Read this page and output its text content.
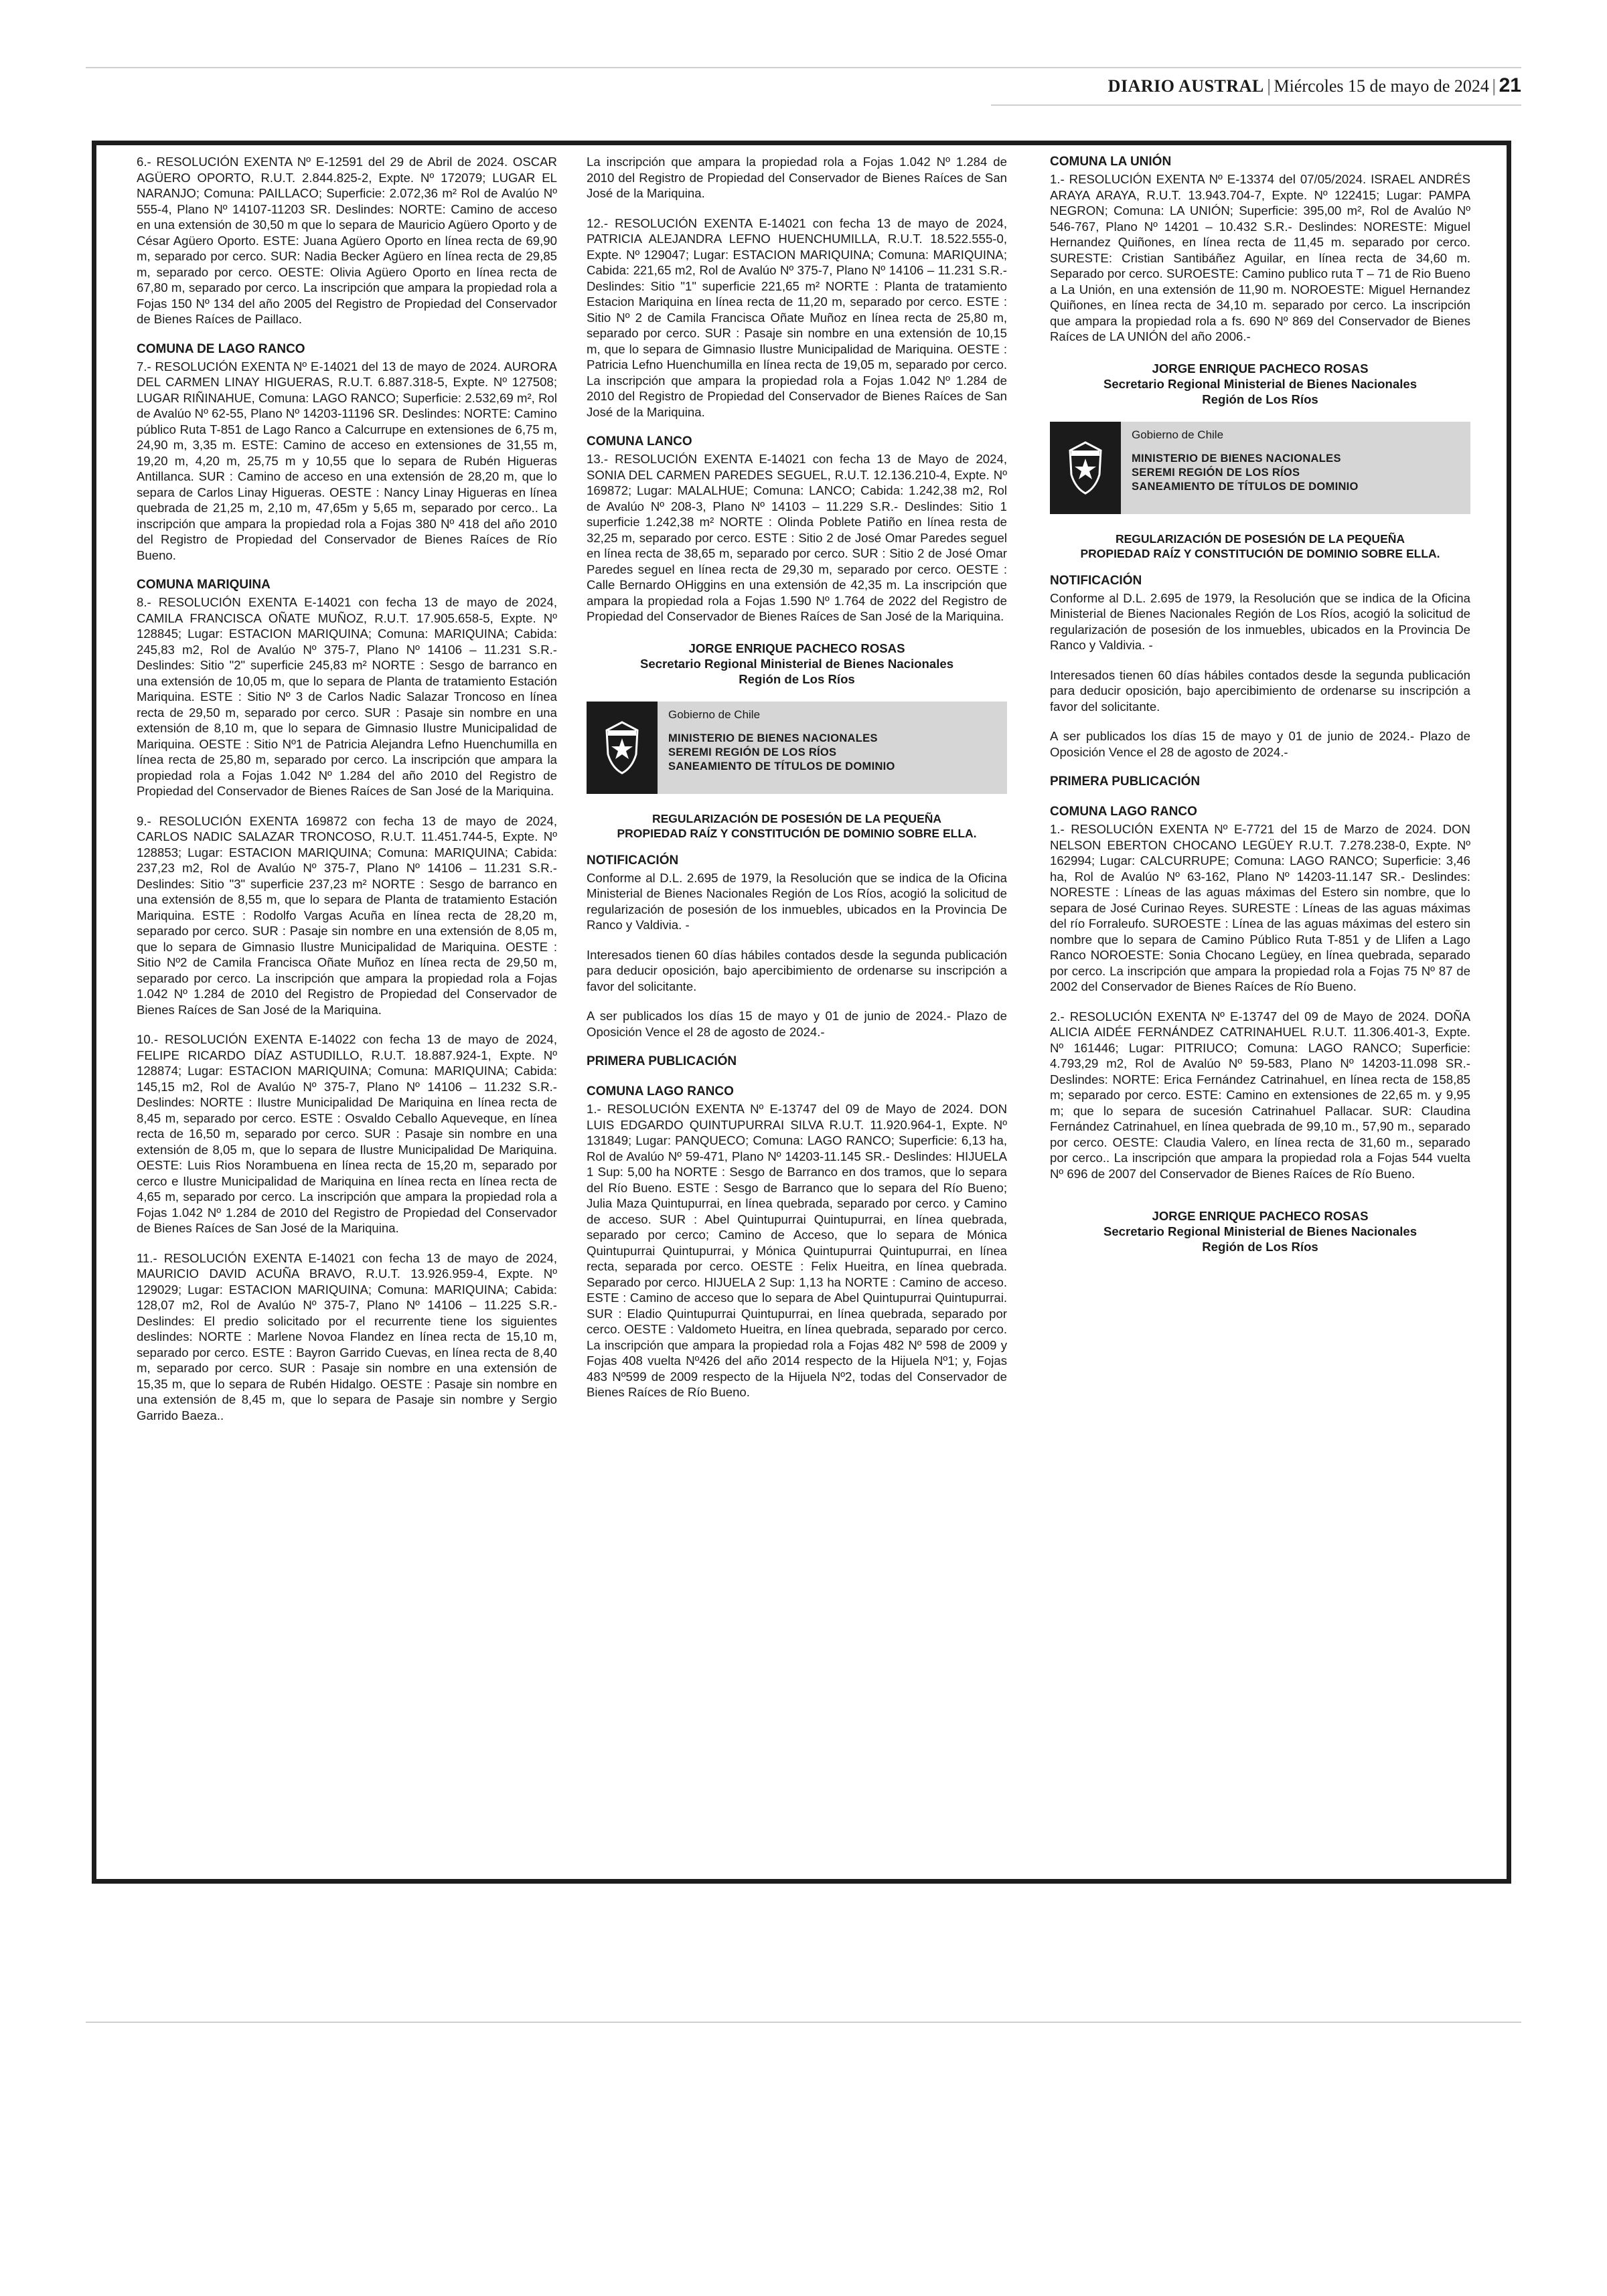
DIARIO AUSTRAL | Miércoles 15 de mayo de 2024 | 21

6.- RESOLUCIÓN EXENTA Nº E-12591 del 29 de Abril de 2024. OSCAR AGÜERO OPORTO, R.U.T. 2.844.825-2, Expte. Nº 172079; LUGAR EL NARANJO; Comuna: PAILLACO; Superficie: 2.072,36 m² Rol de Avalúo Nº 555-4, Plano Nº 14107-11203 SR. Deslindes: NORTE: Camino de acceso en una extensión de 30,50 m que lo separa de Mauricio Agüero Oporto y de César Agüero Oporto. ESTE: Juana Agüero Oporto en línea recta de 69,90 m, separado por cerco. SUR: Nadia Becker Agüero en línea recta de 29,85 m, separado por cerco. OESTE: Olivia Agüero Oporto en línea recta de 67,80 m, separado por cerco. La inscripción que ampara la propiedad rola a Fojas 150 Nº 134 del año 2005 del Registro de Propiedad del Conservador de Bienes Raíces de Paillaco.

COMUNA DE LAGO RANCO

7.- RESOLUCIÓN EXENTA Nº E-14021 del 13 de mayo de 2024. AURORA DEL CARMEN LINAY HIGUERAS, R.U.T. 6.887.318-5, Expte. Nº 127508; LUGAR RIÑINAHUE, Comuna: LAGO RANCO; Superficie: 2.532,69 m², Rol de Avalúo Nº 62-55, Plano Nº 14203-11196 SR. Deslindes: NORTE: Camino público Ruta T-851 de Lago Ranco a Calcurrupe en extensiones de 6,75 m, 24,90 m, 3,35 m. ESTE: Camino de acceso en extensiones de 31,55 m, 19,20 m, 4,20 m, 25,75 m y 10,55 que lo separa de Rubén Higueras Antillanca. SUR : Camino de acceso en una extensión de 28,20 m, que lo separa de Carlos Linay Higueras. OESTE : Nancy Linay Higueras en línea quebrada de 21,25 m, 2,10 m, 47,65m y 5,65 m, separado por cerco.. La inscripción que ampara la propiedad rola a Fojas 380 Nº 418 del año 2010 del Registro de Propiedad del Conservador de Bienes Raíces de Río Bueno.

COMUNA MARIQUINA

8.- RESOLUCIÓN EXENTA E-14021 con fecha 13 de mayo de 2024, CAMILA FRANCISCA OÑATE MUÑOZ, R.U.T. 17.905.658-5, Expte. Nº 128845; Lugar: ESTACION MARIQUINA; Comuna: MARIQUINA; Cabida: 245,83 m2, Rol de Avalúo Nº 375-7, Plano Nº 14106 – 11.231 S.R.- Deslindes: Sitio "2" superficie 245,83 m² NORTE : Sesgo de barranco en una extensión de 10,05 m, que lo separa de Planta de tratamiento Estación Mariquina. ESTE : Sitio Nº 3 de Carlos Nadic Salazar Troncoso en línea recta de 29,50 m, separado por cerco. SUR : Pasaje sin nombre en una extensión de 8,10 m, que lo separa de Gimnasio Ilustre Municipalidad de Mariquina. OESTE : Sitio Nº1 de Patricia Alejandra Lefno Huenchumilla en línea recta de 25,80 m, separado por cerco. La inscripción que ampara la propiedad rola a Fojas 1.042 Nº 1.284 del año 2010 del Registro de Propiedad del Conservador de Bienes Raíces de San José de la Mariquina.

9.- RESOLUCIÓN EXENTA 169872 con fecha 13 de mayo de 2024, CARLOS NADIC SALAZAR TRONCOSO, R.U.T. 11.451.744-5, Expte. Nº 128853; Lugar: ESTACION MARIQUINA; Comuna: MARIQUINA; Cabida: 237,23 m2, Rol de Avalúo Nº 375-7, Plano Nº 14106 – 11.231 S.R.- Deslindes: Sitio "3" superficie 237,23 m² NORTE : Sesgo de barranco en una extensión de 8,55 m, que lo separa de Planta de tratamiento Estación Mariquina. ESTE : Rodolfo Vargas Acuña en línea recta de 28,20 m, separado por cerco. SUR : Pasaje sin nombre en una extensión de 8,05 m, que lo separa de Gimnasio Ilustre Municipalidad de Mariquina. OESTE : Sitio Nº2 de Camila Francisca Oñate Muñoz en línea recta de 29,50 m, separado por cerco. La inscripción que ampara la propiedad rola a Fojas 1.042 Nº 1.284 de 2010 del Registro de Propiedad del Conservador de Bienes Raíces de San José de la Mariquina.

10.- RESOLUCIÓN EXENTA E-14022 con fecha 13 de mayo de 2024, FELIPE RICARDO DÍAZ ASTUDILLO, R.U.T. 18.887.924-1, Expte. Nº 128874; Lugar: ESTACION MARIQUINA; Comuna: MARIQUINA; Cabida: 145,15 m2, Rol de Avalúo Nº 375-7, Plano Nº 14106 – 11.232 S.R.- Deslindes: NORTE : Ilustre Municipalidad De Mariquina en línea recta de 8,45 m, separado por cerco. ESTE : Osvaldo Ceballo Aqueveque, en línea recta de 16,50 m, separado por cerco. SUR : Pasaje sin nombre en una extensión de 8,05 m, que lo separa de Ilustre Municipalidad De Mariquina. OESTE: Luis Rios Norambuena en línea recta de 15,20 m, separado por cerco e Ilustre Municipalidad de Mariquina en línea recta en línea recta de 4,65 m, separado por cerco. La inscripción que ampara la propiedad rola a Fojas 1.042 Nº 1.284 de 2010 del Registro de Propiedad del Conservador de Bienes Raíces de San José de la Mariquina.

11.- RESOLUCIÓN EXENTA E-14021 con fecha 13 de mayo de 2024, MAURICIO DAVID ACUÑA BRAVO, R.U.T. 13.926.959-4, Expte. Nº 129029; Lugar: ESTACION MARIQUINA; Comuna: MARIQUINA; Cabida: 128,07 m2, Rol de Avalúo Nº 375-7, Plano Nº 14106 – 11.225 S.R.- Deslindes: El predio solicitado por el recurrente tiene los siguientes deslindes: NORTE : Marlene Novoa Flandez en línea recta de 15,10 m, separado por cerco. ESTE : Bayron Garrido Cuevas, en línea recta de 8,40 m, separado por cerco. SUR : Pasaje sin nombre en una extensión de 15,35 m, que lo separa de Rubén Hidalgo. OESTE : Pasaje sin nombre en una extensión de 8,45 m, que lo separa de Pasaje sin nombre y Sergio Garrido Baeza..

La inscripción que ampara la propiedad rola a Fojas 1.042 Nº 1.284 de 2010 del Registro de Propiedad del Conservador de Bienes Raíces de San José de la Mariquina.

12.- RESOLUCIÓN EXENTA E-14021 con fecha 13 de mayo de 2024, PATRICIA ALEJANDRA LEFNO HUENCHUMILLA, R.U.T. 18.522.555-0, Expte. Nº 129047; Lugar: ESTACION MARIQUINA; Comuna: MARIQUINA; Cabida: 221,65 m2, Rol de Avalúo Nº 375-7, Plano Nº 14106 – 11.231 S.R.- Deslindes: Sitio "1" superficie 221,65 m² NORTE : Planta de tratamiento Estacion Mariquina en línea recta de 11,20 m, separado por cerco. ESTE : Sitio Nº 2 de Camila Francisca Oñate Muñoz en línea recta de 25,80 m, separado por cerco. SUR : Pasaje sin nombre en una extensión de 10,15 m, que lo separa de Gimnasio Ilustre Municipalidad de Mariquina. OESTE : Patricia Lefno Huenchumilla en línea recta de 19,05 m, separado por cerco. La inscripción que ampara la propiedad rola a Fojas 1.042 Nº 1.284 de 2010 del Registro de Propiedad del Conservador de Bienes Raíces de San José de la Mariquina.

COMUNA LANCO

13.- RESOLUCIÓN EXENTA E-14021 con fecha 13 de Mayo de 2024, SONIA DEL CARMEN PAREDES SEGUEL, R.U.T. 12.136.210-4, Expte. Nº 169872; Lugar: MALALHUE; Comuna: LANCO; Cabida: 1.242,38 m2, Rol de Avalúo Nº 208-3, Plano Nº 14103 – 11.229 S.R.- Deslindes: Sitio 1 superficie 1.242,38 m² NORTE : Olinda Poblete Patiño en línea resta de 32,25 m, separado por cerco. ESTE : Sitio 2 de José Omar Paredes seguel en línea recta de 38,65 m, separado por cerco. SUR : Sitio 2 de José Omar Paredes seguel en línea recta de 29,30 m, separado por cerco. OESTE : Calle Bernardo OHiggins en una extensión de 42,35 m. La inscripción que ampara la propiedad rola a Fojas 1.590 Nº 1.764 de 2022 del Registro de Propiedad del Conservador de Bienes Raíces de San José de la Mariquina.

JORGE ENRIQUE PACHECO ROSAS
Secretario Regional Ministerial de Bienes Nacionales
Región de Los Ríos
Gobierno de Chile
MINISTERIO DE BIENES NACIONALES
SEREMI REGIÓN DE LOS RÍOS
SANEAMIENTO DE TÍTULOS DE DOMINIO
REGULARIZACIÓN DE POSESIÓN DE LA PEQUEÑA
PROPIEDAD RAÍZ Y CONSTITUCIÓN DE DOMINIO SOBRE ELLA.
NOTIFICACIÓN

Conforme al D.L. 2.695 de 1979, la Resolución que se indica de la Oficina Ministerial de Bienes Nacionales Región de Los Ríos, acogió la solicitud de regularización de posesión de los inmuebles, ubicados en la Provincia De Ranco y Valdivia. -

Interesados tienen 60 días hábiles contados desde la segunda publicación para deducir oposición, bajo apercibimiento de ordenarse su inscripción a favor del solicitante.

A ser publicados los días 15 de mayo y 01 de junio de 2024.- Plazo de Oposición Vence el 28 de agosto de 2024.-

PRIMERA PUBLICACIÓN
COMUNA LAGO RANCO

1.- RESOLUCIÓN EXENTA Nº E-13747 del 09 de Mayo de 2024. DON LUIS EDGARDO QUINTUPURRAI SILVA R.U.T. 11.920.964-1, Expte. Nº 131849; Lugar: PANQUECO; Comuna: LAGO RANCO; Superficie: 6,13 ha, Rol de Avalúo Nº 59-471, Plano Nº 14203-11.145 SR.- Deslindes: HIJUELA 1 Sup: 5,00 ha NORTE : Sesgo de Barranco en dos tramos, que lo separa del Río Bueno. ESTE : Sesgo de Barranco que lo separa del Río Bueno; Julia Maza Quintupurrai, en línea quebrada, separado por cerco. y Camino de acceso. SUR : Abel Quintupurrai Quintupurrai, en línea quebrada, separado por cerco; Camino de Acceso, que lo separa de Mónica Quintupurrai Quintupurrai, y Mónica Quintupurrai Quintupurrai, en línea recta, separada por cerco. OESTE : Felix Hueitra, en línea quebrada. Separado por cerco. HIJUELA 2 Sup: 1,13 ha NORTE : Camino de acceso. ESTE : Camino de acceso que lo separa de Abel Quintupurrai Quintupurrai. SUR : Eladio Quintupurrai Quintupurrai, en línea quebrada, separado por cerco. OESTE : Valdometo Hueitra, en línea quebrada, separado por cerco. La inscripción que ampara la propiedad rola a Fojas 482 Nº 598 de 2009 y Fojas 408 vuelta Nº426 del año 2014 respecto de la Hijuela Nº1; y, Fojas 483 Nº599 de 2009 respecto de la Hijuela Nº2, todas del Conservador de Bienes Raíces de Río Bueno.

COMUNA LA UNIÓN

1.- RESOLUCIÓN EXENTA Nº E-13374 del 07/05/2024. ISRAEL ANDRÉS ARAYA ARAYA, R.U.T. 13.943.704-7, Expte. Nº 122415; Lugar: PAMPA NEGRON; Comuna: LA UNIÓN; Superficie: 395,00 m², Rol de Avalúo Nº 546-767, Plano Nº 14201 – 10.432 S.R.- Deslindes: NORESTE: Miguel Hernandez Quiñones, en línea recta de 11,45 m. separado por cerco. SURESTE: Cristian Santibáñez Aguilar, en línea recta de 34,60 m. Separado por cerco. SUROESTE: Camino publico ruta T – 71 de Rio Bueno a La Unión, en una extensión de 11,90 m. NOROESTE: Miguel Hernandez Quiñones, en línea recta de 34,10 m. separado por cerco. La inscripción que ampara la propiedad rola a fs. 690 Nº 869 del Conservador de Bienes Raíces de LA UNIÓN del año 2006.-

JORGE ENRIQUE PACHECO ROSAS
Secretario Regional Ministerial de Bienes Nacionales
Región de Los Ríos
Gobierno de Chile
MINISTERIO DE BIENES NACIONALES
SEREMI REGIÓN DE LOS RÍOS
SANEAMIENTO DE TÍTULOS DE DOMINIO
REGULARIZACIÓN DE POSESIÓN DE LA PEQUEÑA
PROPIEDAD RAÍZ Y CONSTITUCIÓN DE DOMINIO SOBRE ELLA.
NOTIFICACIÓN

Conforme al D.L. 2.695 de 1979, la Resolución que se indica de la Oficina Ministerial de Bienes Nacionales Región de Los Ríos, acogió la solicitud de regularización de posesión de los inmuebles, ubicados en la Provincia De Ranco y Valdivia. -

Interesados tienen 60 días hábiles contados desde la segunda publicación para deducir oposición, bajo apercibimiento de ordenarse su inscripción a favor del solicitante.

A ser publicados los días 15 de mayo y 01 de junio de 2024.- Plazo de Oposición Vence el 28 de agosto de 2024.-

PRIMERA PUBLICACIÓN
COMUNA LAGO RANCO

1.- RESOLUCIÓN EXENTA Nº E-7721 del 15 de Marzo de 2024. DON NELSON EBERTON CHOCANO LEGÜEY R.U.T. 7.278.238-0, Expte. Nº 162994; Lugar: CALCURRUPE; Comuna: LAGO RANCO; Superficie: 3,46 ha, Rol de Avalúo Nº 63-162, Plano Nº 14203-11.147 SR.- Deslindes: NORESTE : Líneas de las aguas máximas del Estero sin nombre, que lo separa de José Curinao Reyes. SURESTE : Líneas de las aguas máximas del río Forraleufo. SUROESTE : Línea de las aguas máximas del estero sin nombre que lo separa de Camino Público Ruta T-851 y de Llifen a Lago Ranco NOROESTE: Sonia Chocano Legüey, en línea quebrada, separado por cerco. La inscripción que ampara la propiedad rola a Fojas 75 Nº 87 de 2002 del Conservador de Bienes Raíces de Río Bueno.

2.- RESOLUCIÓN EXENTA Nº E-13747 del 09 de Mayo de 2024. DOÑA ALICIA AIDÉE FERNÁNDEZ CATRINAHUEL R.U.T. 11.306.401-3, Expte. Nº 161446; Lugar: PITRIUCO; Comuna: LAGO RANCO; Superficie: 4.793,29 m2, Rol de Avalúo Nº 59-583, Plano Nº 14203-11.098 SR.- Deslindes: NORTE: Erica Fernández Catrinahuel, en línea recta de 158,85 m; separado por cerco. ESTE: Camino en extensiones de 22,65 m. y 9,95 m; que lo separa de sucesión Catrinahuel Pallacar. SUR: Claudina Fernández Catrinahuel, en línea quebrada de 99,10 m., 57,90 m., separado por cerco. OESTE: Claudia Valero, en línea recta de 31,60 m., separado por cerco.. La inscripción que ampara la propiedad rola a Fojas 544 vuelta Nº 696 de 2007 del Conservador de Bienes Raíces de Río Bueno.

JORGE ENRIQUE PACHECO ROSAS
Secretario Regional Ministerial de Bienes Nacionales
Región de Los Ríos
